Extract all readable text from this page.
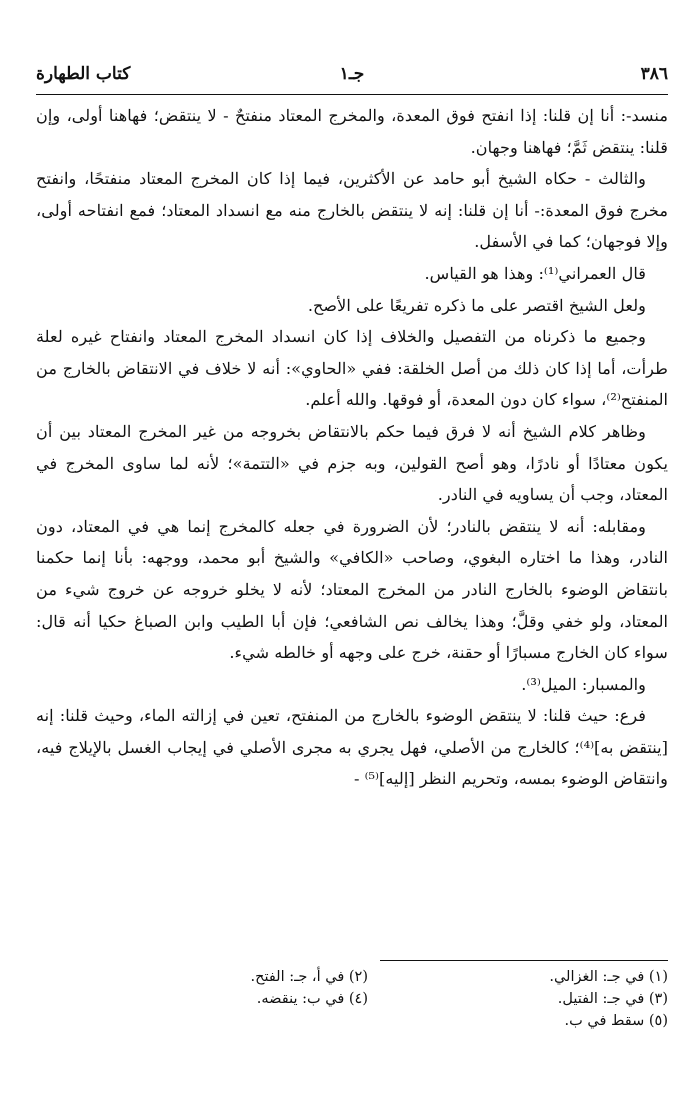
٣٨٦
جـ١
كتاب الطهارة

منسد-: أنا إن قلنا: إذا انفتح فوق المعدة، والمخرج المعتاد منفتحٌ - لا ينتقض؛ فهاهنا أولى، وإن قلنا: ينتقض ثَمَّ؛ فهاهنا وجهان.

والثالث - حكاه الشيخ أبو حامد عن الأكثرين، فيما إذا كان المخرج المعتاد منفتحًا، وانفتح مخرج فوق المعدة:- أنا إن قلنا: إنه لا ينتقض بالخارج منه مع انسداد المعتاد؛ فمع انفتاحه أولى، وإلا فوجهان؛ كما في الأسفل.

قال العمراني⁽¹⁾: وهذا هو القياس.

ولعل الشيخ اقتصر على ما ذكره تفريعًا على الأصح.

وجميع ما ذكرناه من التفصيل والخلاف إذا كان انسداد المخرج المعتاد وانفتاح غيره لعلة طرأت، أما إذا كان ذلك من أصل الخلقة: ففي «الحاوي»: أنه لا خلاف في الانتقاض بالخارج من المنفتح⁽²⁾، سواء كان دون المعدة، أو فوقها. والله أعلم.

وظاهر كلام الشيخ أنه لا فرق فيما حكم بالانتقاض بخروجه من غير المخرج المعتاد بين أن يكون معتادًا أو نادرًا، وهو أصح القولين، وبه جزم في «التتمة»؛ لأنه لما ساوى المخرج في المعتاد، وجب أن يساويه في النادر.

ومقابله: أنه لا ينتقض بالنادر؛ لأن الضرورة في جعله كالمخرج إنما هي في المعتاد، دون النادر، وهذا ما اختاره البغوي، وصاحب «الكافي» والشيخ أبو محمد، ووجهه: بأنا إنما حكمنا بانتقاض الوضوء بالخارج النادر من المخرج المعتاد؛ لأنه لا يخلو خروجه عن خروج شيء من المعتاد، ولو خفي وقلَّ؛ وهذا يخالف نص الشافعي؛ فإن أبا الطيب وابن الصباغ حكيا أنه قال: سواء كان الخارج مسبارًا أو حقنة، خرج على وجهه أو خالطه شيء.

والمسبار: الميل⁽³⁾.

فرع: حيث قلنا: لا ينتقض الوضوء بالخارج من المنفتح، تعين في إزالته الماء، وحيث قلنا: إنه [ينتقض به]⁽⁴⁾؛ كالخارج من الأصلي، فهل يجري به مجرى الأصلي في إيجاب الغسل بالإيلاج فيه، وانتقاض الوضوء بمسه، وتحريم النظر [إليه]⁽⁵⁾ -

(١) في جـ: الغزالي.
(٢) في أ، جـ: الفتح.
(٣) في جـ: الفتيل.
(٤) في ب: ينقضه.
(٥) سقط في ب.
